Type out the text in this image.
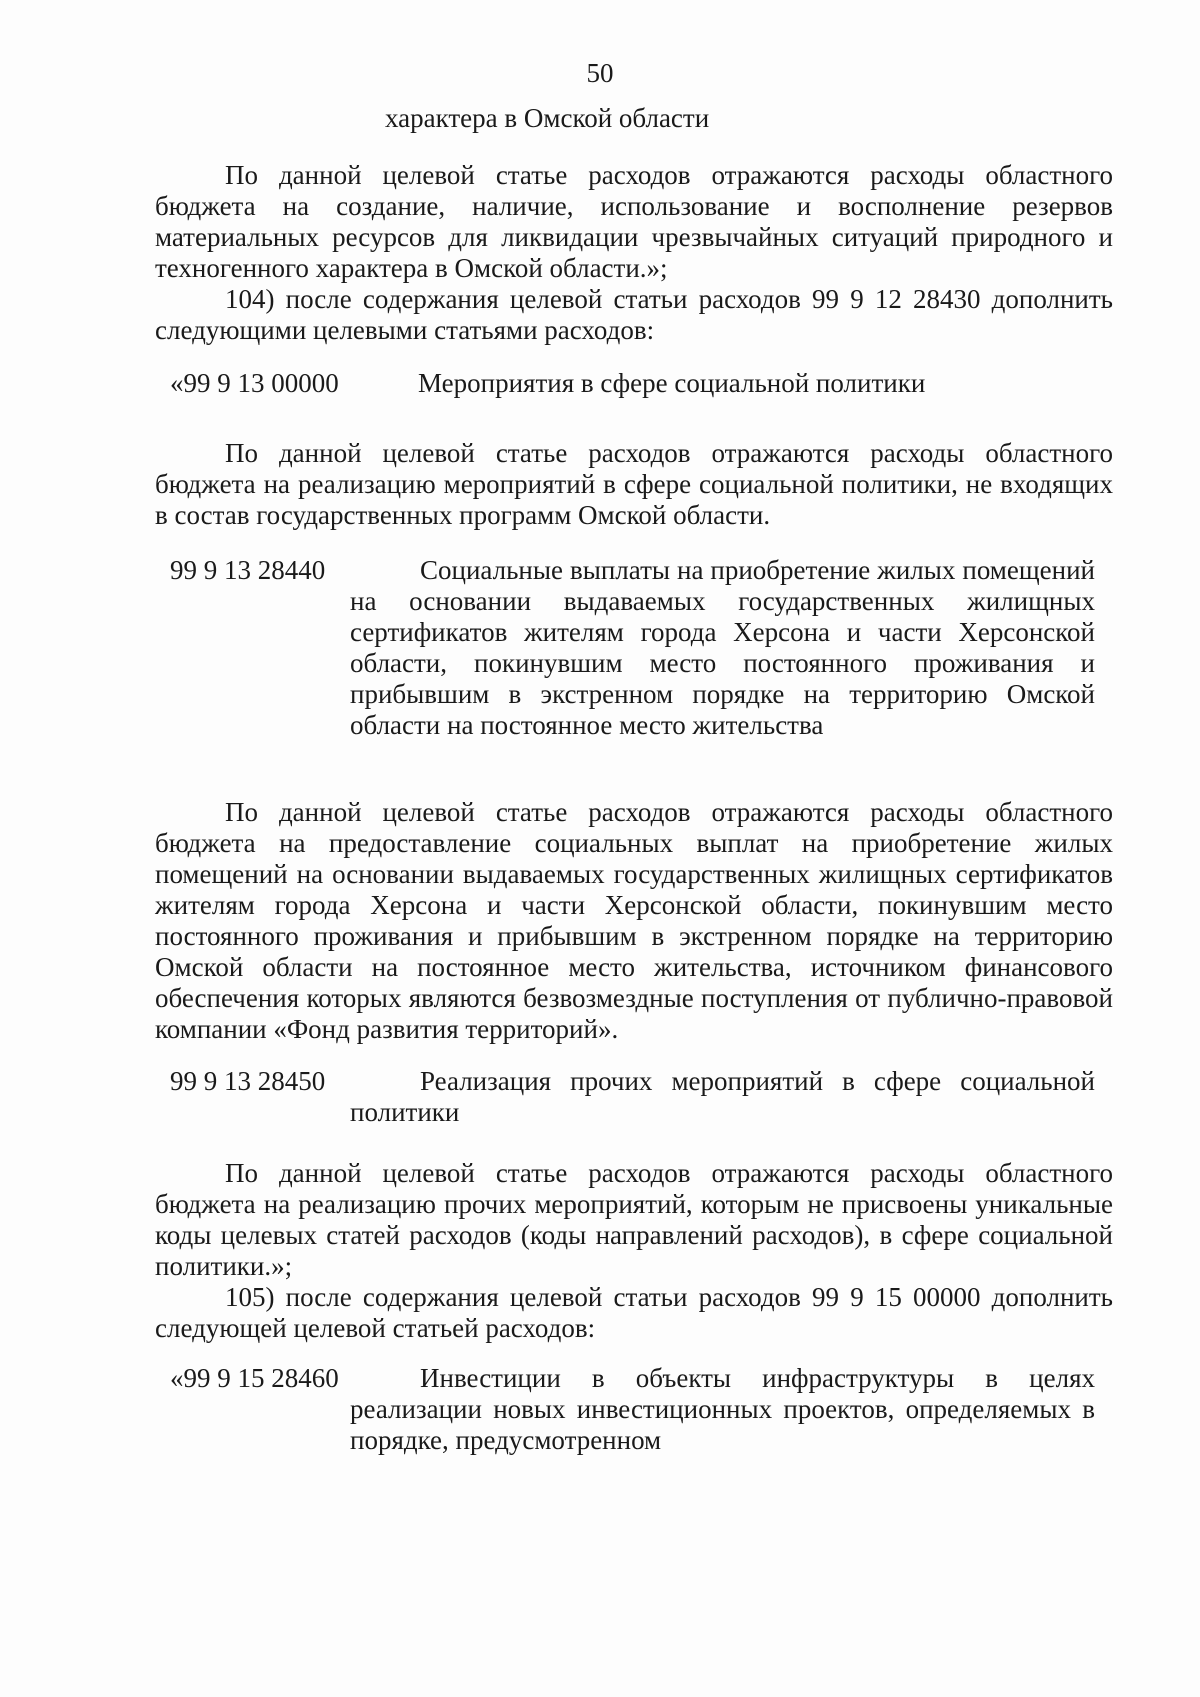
50
характера в Омской области

По данной целевой статье расходов отражаются расходы областного бюджета на создание, наличие, использование и восполнение резервов материальных ресурсов для ликвидации чрезвычайных ситуаций природного и техногенного характера в Омской области.»;

104) после содержания целевой статьи расходов 99 9 12 28430 дополнить следующими целевыми статьями расходов:

«99 9 13 00000	Мероприятия в сфере социальной политики

По данной целевой статье расходов отражаются расходы областного бюджета на реализацию мероприятий в сфере социальной политики, не входящих в состав государственных программ Омской области.

99 9 13 28440	Социальные выплаты на приобретение жилых помещений на основании выдаваемых государственных жилищных сертификатов жителям города Херсона и части Херсонской области, покинувшим место постоянного проживания и прибывшим в экстренном порядке на территорию Омской области на постоянное место жительства

По данной целевой статье расходов отражаются расходы областного бюджета на предоставление социальных выплат на приобретение жилых помещений на основании выдаваемых государственных жилищных сертификатов жителям города Херсона и части Херсонской области, покинувшим место постоянного проживания и прибывшим в экстренном порядке на территорию Омской области на постоянное место жительства, источником финансового обеспечения которых являются безвозмездные поступления от публично-правовой компании «Фонд развития территорий».

99 9 13 28450	Реализация прочих мероприятий в сфере социальной политики

По данной целевой статье расходов отражаются расходы областного бюджета на реализацию прочих мероприятий, которым не присвоены уникальные коды целевых статей расходов (коды направлений расходов), в сфере социальной политики.»;

105) после содержания целевой статьи расходов 99 9 15 00000 дополнить следующей целевой статьей расходов:

«99 9 15 28460	Инвестиции в объекты инфраструктуры в целях реализации новых инвестиционных проектов, определяемых в порядке, предусмотренном
